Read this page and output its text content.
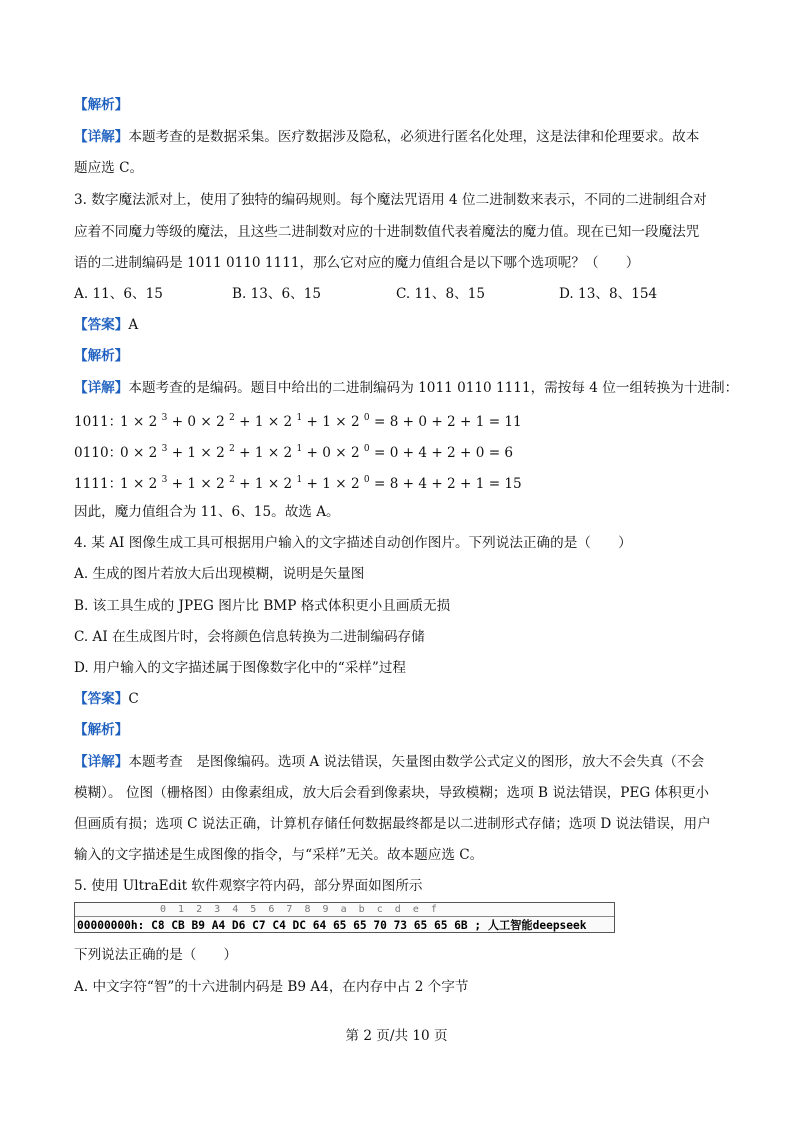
【解析】
【详解】本题考查的是数据采集。医疗数据涉及隐私，必须进行匿名化处理，这是法律和伦理要求。故本
题应选 C。
3. 数字魔法派对上，使用了独特的编码规则。每个魔法咒语用 4 位二进制数来表示，不同的二进制组合对
应着不同魔力等级的魔法，且这些二进制数对应的十进制数值代表着魔法的魔力值。现在已知一段魔法咒
语的二进制编码是 1011 0110 1111，那么它对应的魔力值组合是以下哪个选项呢？（　　）
A. 11、6、15	B. 13、6、15	C. 11、8、15	D. 13、8、154
【答案】A
【解析】
【详解】本题考查的是编码。题目中给出的二进制编码为 1011 0110 1111，需按每 4 位一组转换为十进制：
1011：1 × 2 $^3$ + 0 × 2 $^2$ + 1 × 2 $^1$ + 1 × 2 $^0$ = 8 + 0 + 2 + 1 = 11
0110：0 × 2 $^3$ + 1 × 2 $^2$ + 1 × 2 $^1$ + 0 × 2 $^0$ = 0 + 4 + 2 + 0 = 6
1111：1 × 2 $^3$ + 1 × 2 $^2$ + 1 × 2 $^1$ + 1 × 2 $^0$ = 8 + 4 + 2 + 1 = 15
因此，魔力值组合为 11、6、15。故选 A。
4. 某 AI 图像生成工具可根据用户输入的文字描述自动创作图片。下列说法正确的是（　　）
A. 生成的图片若放大后出现模糊，说明是矢量图
B. 该工具生成的 JPEG 图片比 BMP 格式体积更小且画质无损
C. AI 在生成图片时，会将颜色信息转换为二进制编码存储
D. 用户输入的文字描述属于图像数字化中的“采样”过程
【答案】C
【解析】
【详解】本题考查　是图像编码。选项 A 说法错误，矢量图由数学公式定义的图形，放大不会失真（不会
模糊）。 位图（栅格图）由像素组成，放大后会看到像素块，导致模糊；选项 B 说法错误，PEG 体积更小
但画质有损；选项 C 说法正确，计算机存储任何数据最终都是以二进制形式存储；选项 D 说法错误，用户
输入的文字描述是生成图像的指令，与“采样”无关。故本题应选 C。
5. 使用 UltraEdit 软件观察字符内码，部分界面如图所示
0  1  2  3  4  5  6  7  8  9  a  b  c  d  e  f
00000000h: C8 CB B9 A4 D6 C7 C4 DC 64 65 65 70 73 65 65 6B ; 人工智能deepseek
下列说法正确的是（　　）
A. 中文字符“智”的十六进制内码是 B9 A4，在内存中占 2 个字节
第 2 页/共 10 页
